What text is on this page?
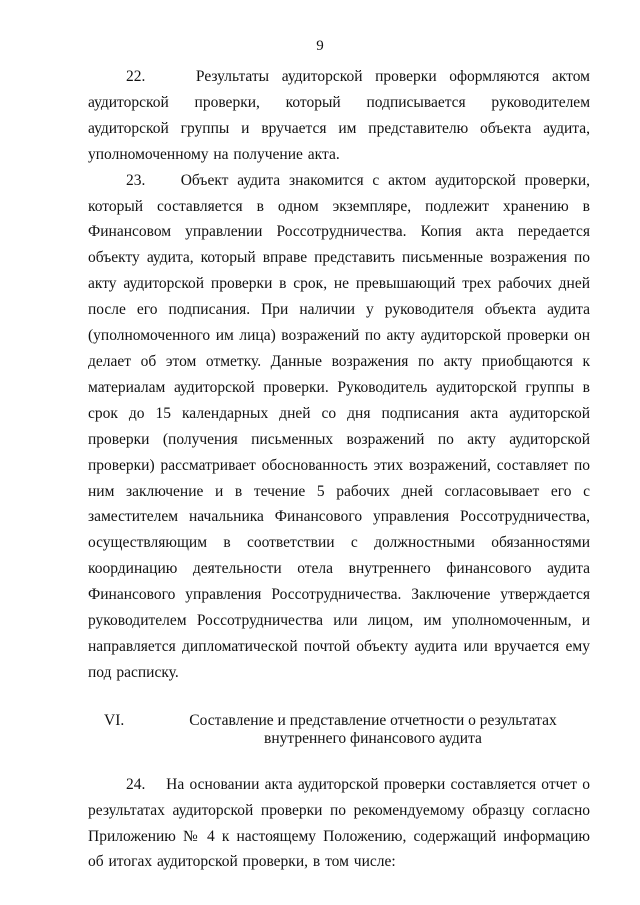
9

22.    Результаты аудиторской проверки оформляются актом аудиторской проверки, который подписывается руководителем аудиторской группы и вручается им представителю объекта аудита, уполномоченному на получение акта.

23.    Объект аудита знакомится с актом аудиторской проверки, который составляется в одном экземпляре, подлежит хранению в Финансовом управлении Россотрудничества. Копия акта передается объекту аудита, который вправе представить письменные возражения по акту аудиторской проверки в срок, не превышающий трех рабочих дней после его подписания. При наличии у руководителя объекта аудита (уполномоченного им лица) возражений по акту аудиторской проверки он делает об этом отметку. Данные возражения по акту приобщаются к материалам аудиторской проверки. Руководитель аудиторской группы в срок до 15 календарных дней со дня подписания акта аудиторской проверки (получения письменных возражений по акту аудиторской проверки) рассматривает обоснованность этих возражений, составляет по ним заключение и в течение 5 рабочих дней согласовывает его с заместителем начальника Финансового управления Россотрудничества, осуществляющим в соответствии с должностными обязанностями координацию деятельности отела внутреннего финансового аудита Финансового управления Россотрудничества. Заключение утверждается руководителем Россотрудничества или лицом, им уполномоченным, и направляется дипломатической почтой объекту аудита или вручается ему под расписку.

VI.	Составление и представление отчетности о результатах внутреннего финансового аудита

24.    На основании акта аудиторской проверки составляется отчет о результатах аудиторской проверки по рекомендуемому образцу согласно Приложению № 4 к настоящему Положению, содержащий информацию об итогах аудиторской проверки, в том числе:
